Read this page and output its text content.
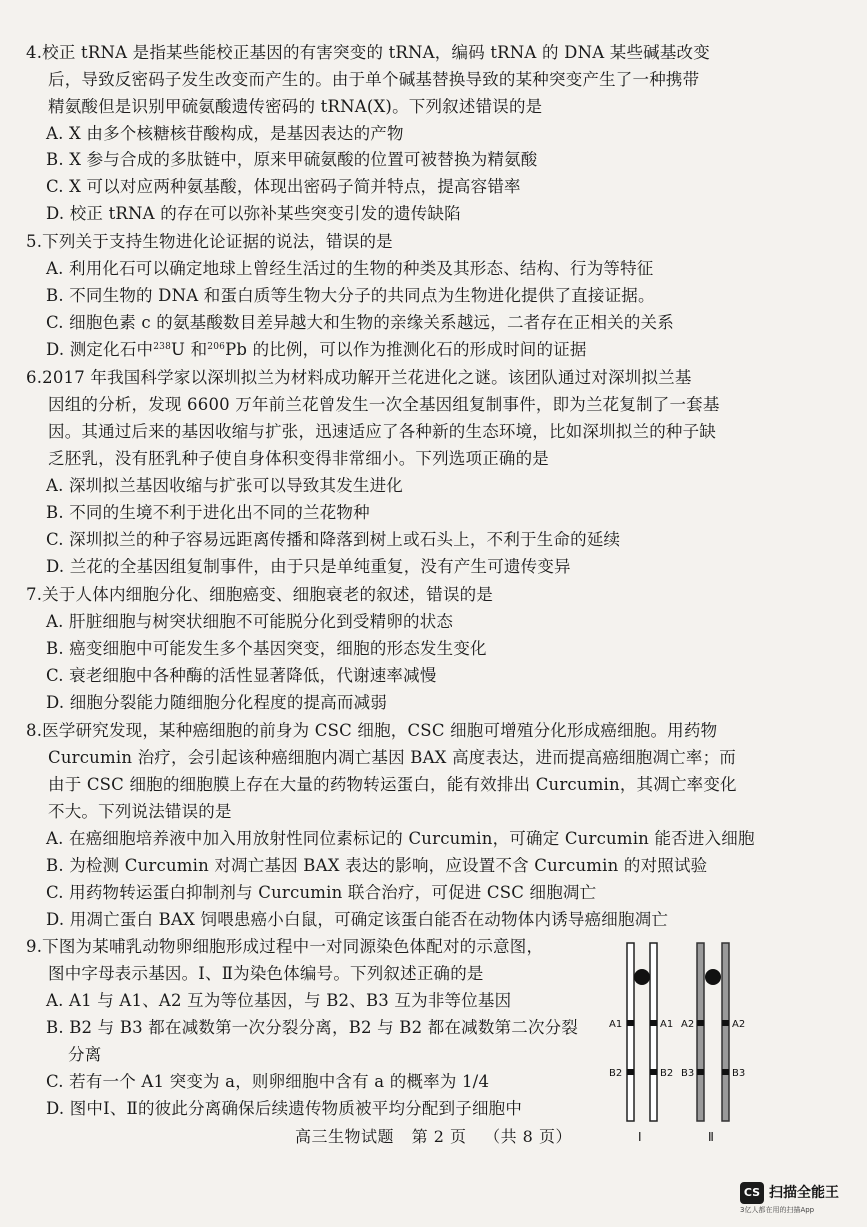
4.校正 tRNA 是指某些能校正基因的有害突变的 tRNA，编码 tRNA 的 DNA 某些碱基改变
后，导致反密码子发生改变而产生的。由于单个碱基替换导致的某种突变产生了一种携带
精氨酸但是识别甲硫氨酸遗传密码的 tRNA(X)。下列叙述错误的是
A. X 由多个核糖核苷酸构成，是基因表达的产物
B. X 参与合成的多肽链中，原来甲硫氨酸的位置可被替换为精氨酸
C. X 可以对应两种氨基酸，体现出密码子简并特点，提高容错率
D. 校正 tRNA 的存在可以弥补某些突变引发的遗传缺陷
5.下列关于支持生物进化论证据的说法，错误的是
A. 利用化石可以确定地球上曾经生活过的生物的种类及其形态、结构、行为等特征
B. 不同生物的 DNA 和蛋白质等生物大分子的共同点为生物进化提供了直接证据。
C. 细胞色素 c 的氨基酸数目差异越大和生物的亲缘关系越远，二者存在正相关的关系
D. 测定化石中$^{238}$U 和$^{206}$Pb 的比例，可以作为推测化石的形成时间的证据
6.2017 年我国科学家以深圳拟兰为材料成功解开兰花进化之谜。该团队通过对深圳拟兰基
因组的分析，发现 6600 万年前兰花曾发生一次全基因组复制事件，即为兰花复制了一套基
因。其通过后来的基因收缩与扩张，迅速适应了各种新的生态环境，比如深圳拟兰的种子缺
乏胚乳，没有胚乳种子使自身体积变得非常细小。下列选项正确的是
A. 深圳拟兰基因收缩与扩张可以导致其发生进化
B. 不同的生境不利于进化出不同的兰花物种
C. 深圳拟兰的种子容易远距离传播和降落到树上或石头上，不利于生命的延续
D. 兰花的全基因组复制事件，由于只是单纯重复，没有产生可遗传变异
7.关于人体内细胞分化、细胞癌变、细胞衰老的叙述，错误的是
A. 肝脏细胞与树突状细胞不可能脱分化到受精卵的状态
B. 癌变细胞中可能发生多个基因突变，细胞的形态发生变化
C. 衰老细胞中各种酶的活性显著降低，代谢速率减慢
D. 细胞分裂能力随细胞分化程度的提高而减弱
8.医学研究发现，某种癌细胞的前身为 CSC 细胞，CSC 细胞可增殖分化形成癌细胞。用药物
Curcumin 治疗，会引起该种癌细胞内凋亡基因 BAX 高度表达，进而提高癌细胞凋亡率；而
由于 CSC 细胞的细胞膜上存在大量的药物转运蛋白，能有效排出 Curcumin，其凋亡率变化
不大。下列说法错误的是
A. 在癌细胞培养液中加入用放射性同位素标记的 Curcumin，可确定 Curcumin 能否进入细胞
B. 为检测 Curcumin 对凋亡基因 BAX 表达的影响，应设置不含 Curcumin 的对照试验
C. 用药物转运蛋白抑制剂与 Curcumin 联合治疗，可促进 CSC 细胞凋亡
D. 用凋亡蛋白 BAX 饲喂患癌小白鼠，可确定该蛋白能否在动物体内诱导癌细胞凋亡
9.下图为某哺乳动物卵细胞形成过程中一对同源染色体配对的示意图，
图中字母表示基因。Ⅰ、Ⅱ为染色体编号。下列叙述正确的是
A. A1 与 A1、A2 互为等位基因，与 B2、B3 互为非等位基因
B. B2 与 B3 都在减数第一次分裂分离，B2 与 B2 都在减数第二次分裂
分离
C. 若有一个 A1 突变为 a，则卵细胞中含有 a 的概率为 1/4
D. 图中Ⅰ、Ⅱ的彼此分离确保后续遗传物质被平均分配到子细胞中
A1	A1 A2	A2
B2	B2 B3	B3
Ⅰ	Ⅱ
高三生物试题 第 2 页 （共 8 页）
CS 扫描全能王
3亿人都在用的扫描App
